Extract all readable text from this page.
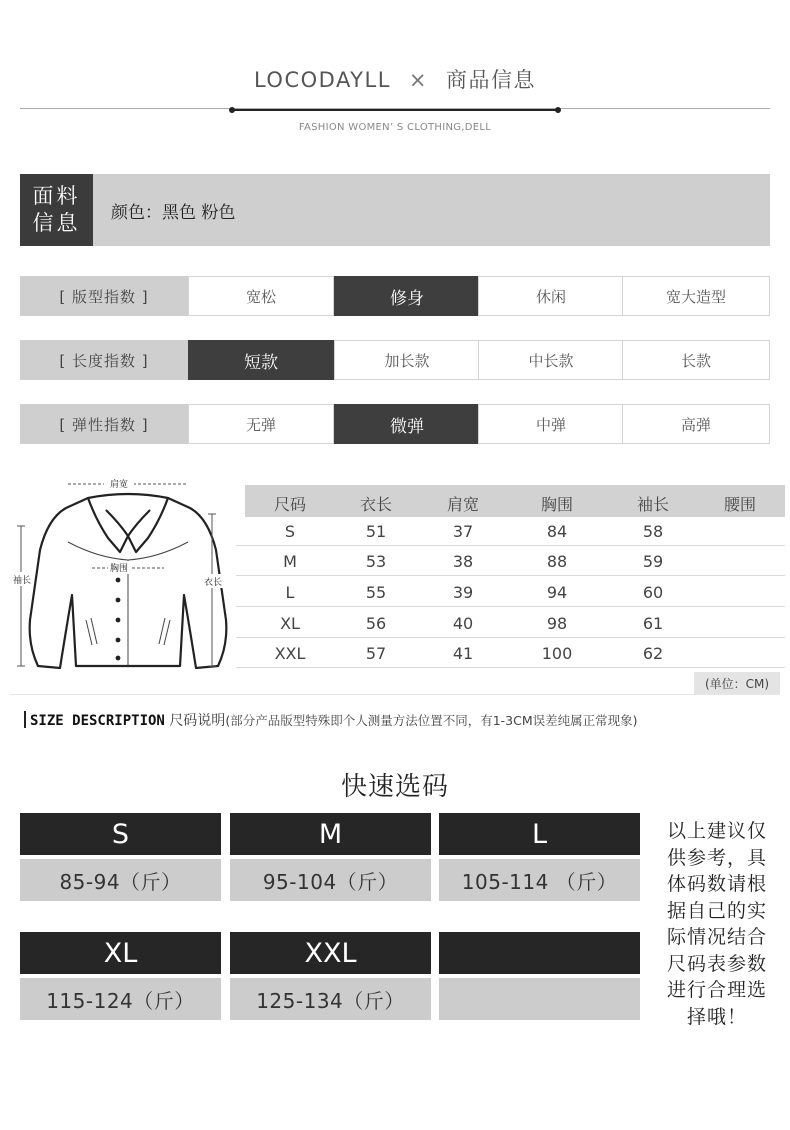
LOCODAYLL × 商品信息
FASHION WOMEN’ S CLOTHING,DELL
面料
信息 颜色：黑色 粉色
[ 版型指数 ]	宽松	修身	休闲	宽大造型
[ 长度指数 ]	短款	加长款	中长款	长款
[ 弹性指数 ]	无弹	微弹	中弹	高弹
肩宽
胸围
袖长	衣长
尺码	衣长	肩宽	胸围	袖长	腰围
S	51	37	84	58
M	53	38	88	59
L	55	39	94	60
XL	56	40	98	61
XXL	57	41	100	62
(单位：CM)
SIZE DESCRIPTION 尺码说明(部分产品版型特殊即个人测量方法位置不同，有1-3CM误差纯属正常现象)
快速选码
S
85-94（斤）
M
95-104（斤）
L
105-114 （斤）
XL
115-124（斤）
XXL
125-134（斤）
以上建议仅供参考，具体码数请根据自己的实际情况结合尺码表参数进行合理选择哦！
